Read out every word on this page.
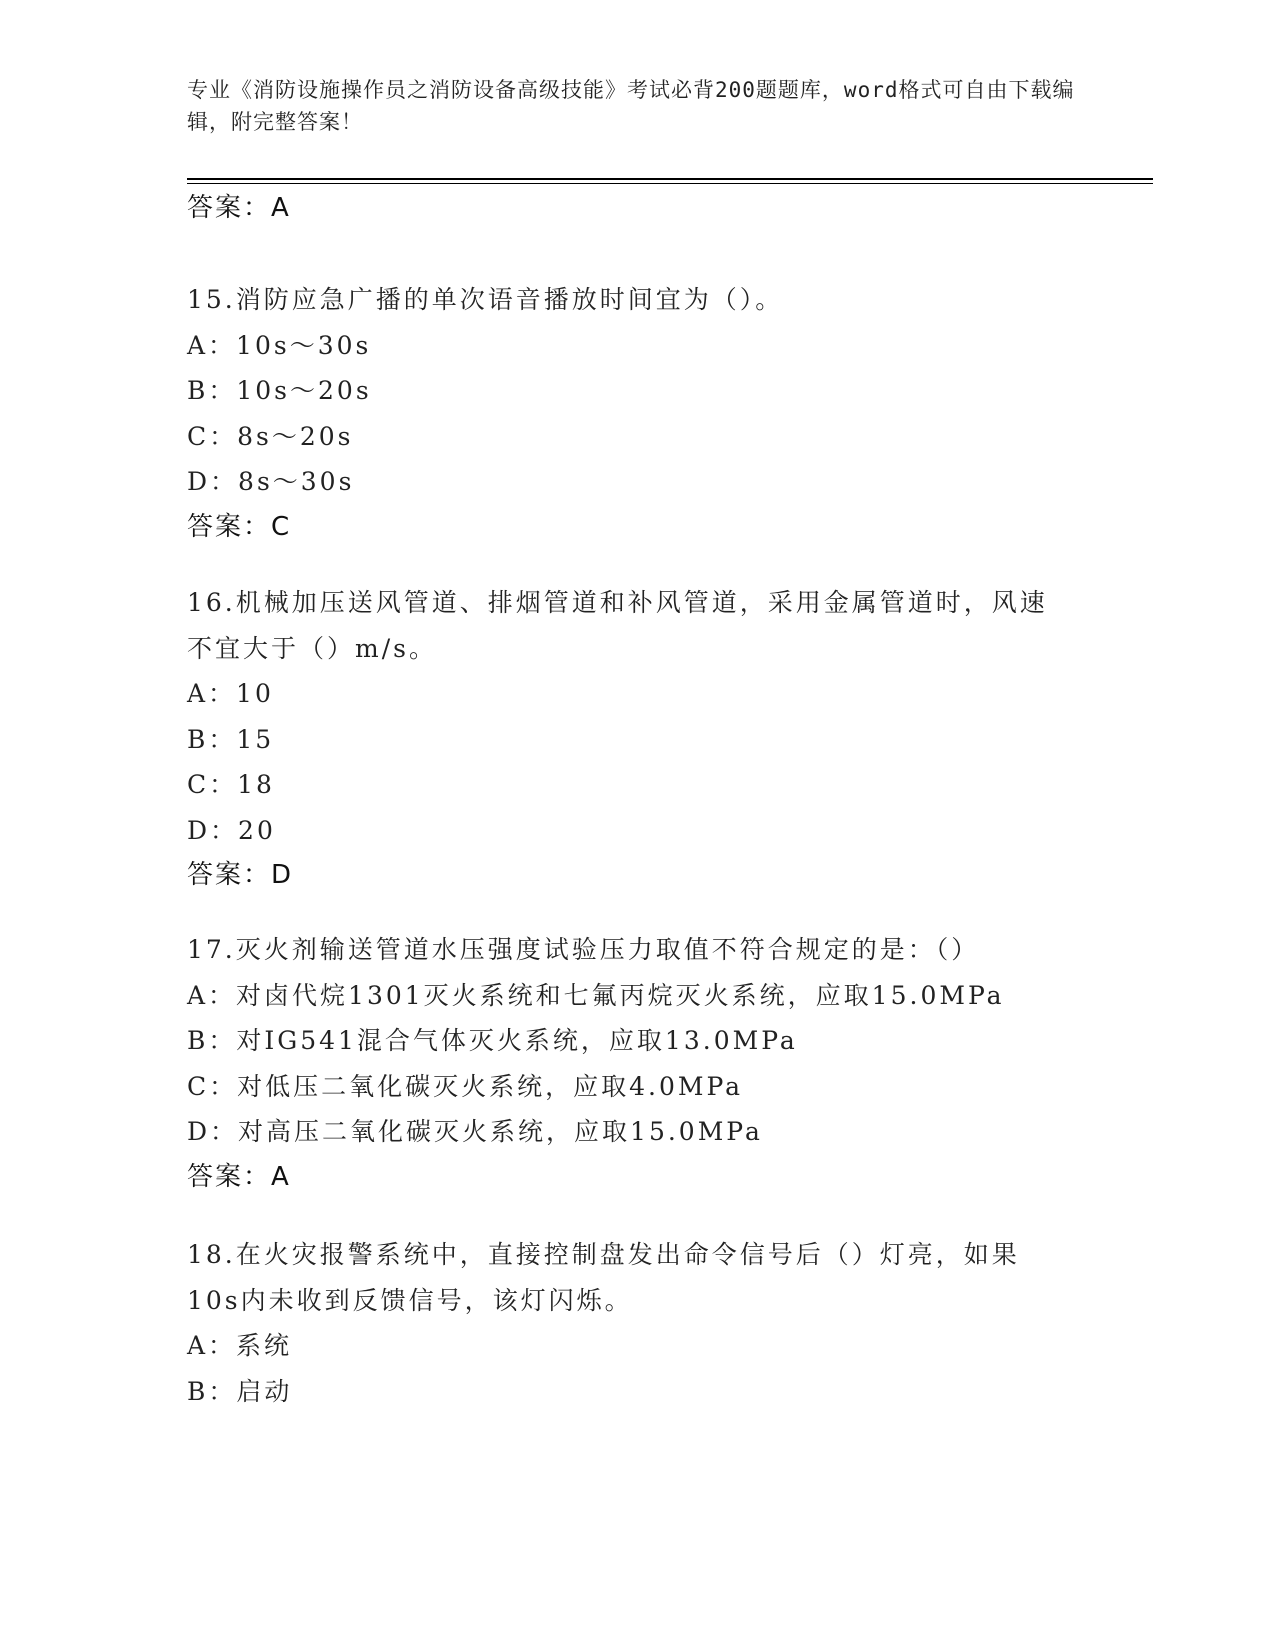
专业《消防设施操作员之消防设备高级技能》考试必背200题题库，word格式可自由下载编辑，附完整答案！
答案：A
15.消防应急广播的单次语音播放时间宜为（）。
A：10s～30s
B：10s～20s
C：8s～20s
D：8s～30s
答案：C
16.机械加压送风管道、排烟管道和补风管道，采用金属管道时，风速
不宜大于（）m/s。
A：10
B：15
C：18
D：20
答案：D
17.灭火剂输送管道水压强度试验压力取值不符合规定的是：（）
A：对卤代烷1301灭火系统和七氟丙烷灭火系统，应取15.0MPa
B：对IG541混合气体灭火系统，应取13.0MPa
C：对低压二氧化碳灭火系统，应取4.0MPa
D：对高压二氧化碳灭火系统，应取15.0MPa
答案：A
18.在火灾报警系统中，直接控制盘发出命令信号后（）灯亮，如果
10s内未收到反馈信号，该灯闪烁。
A：系统
B：启动
